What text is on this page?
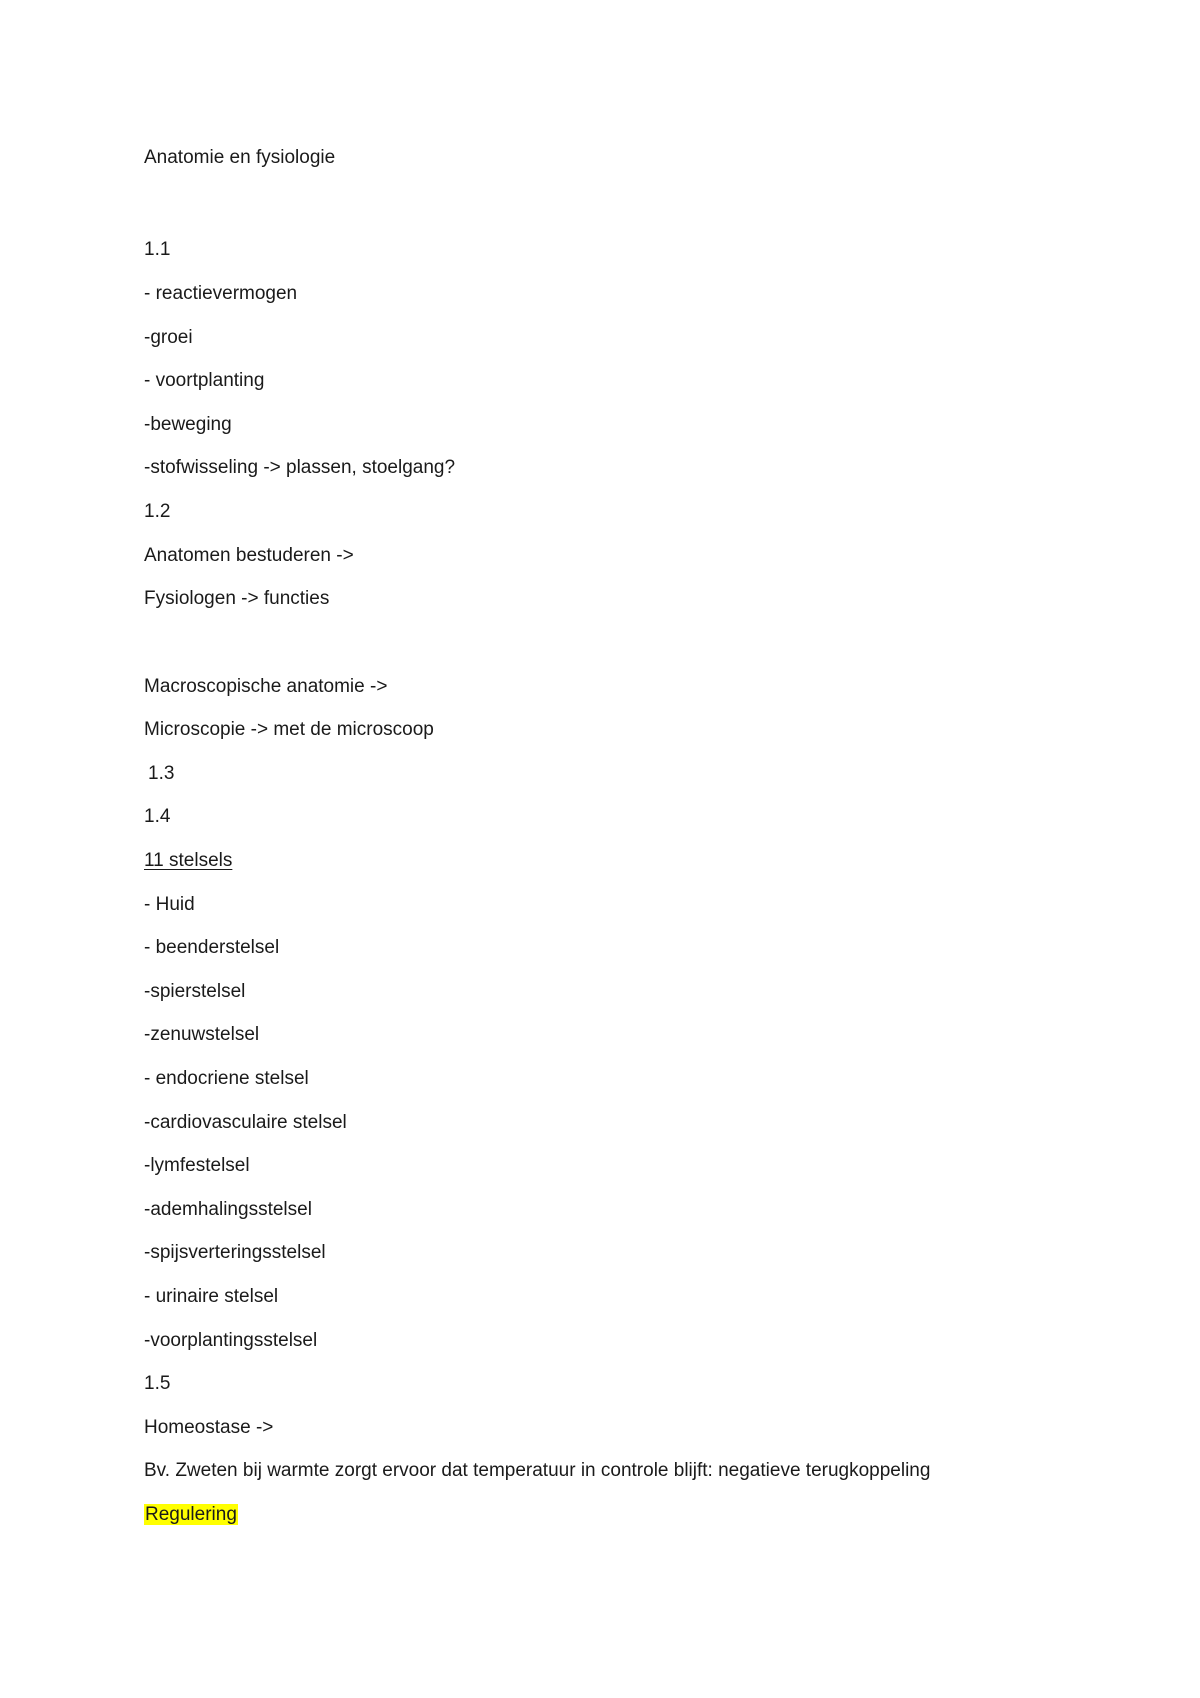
Anatomie en fysiologie
1.1
- reactievermogen
-groei
- voortplanting
-beweging
-stofwisseling -> plassen, stoelgang?
1.2
Anatomen bestuderen ->
Fysiologen -> functies
Macroscopische anatomie ->
Microscopie -> met de microscoop
1.3
1.4
11 stelsels
- Huid
- beenderstelsel
-spierstelsel
-zenuwstelsel
- endocriene stelsel
-cardiovasculaire stelsel
-lymfestelsel
-ademhalingsstelsel
-spijsverteringsstelsel
- urinaire stelsel
-voorplantingsstelsel
1.5
Homeostase ->
Bv. Zweten bij warmte zorgt ervoor dat temperatuur in controle blijft: negatieve terugkoppeling
Regulering
